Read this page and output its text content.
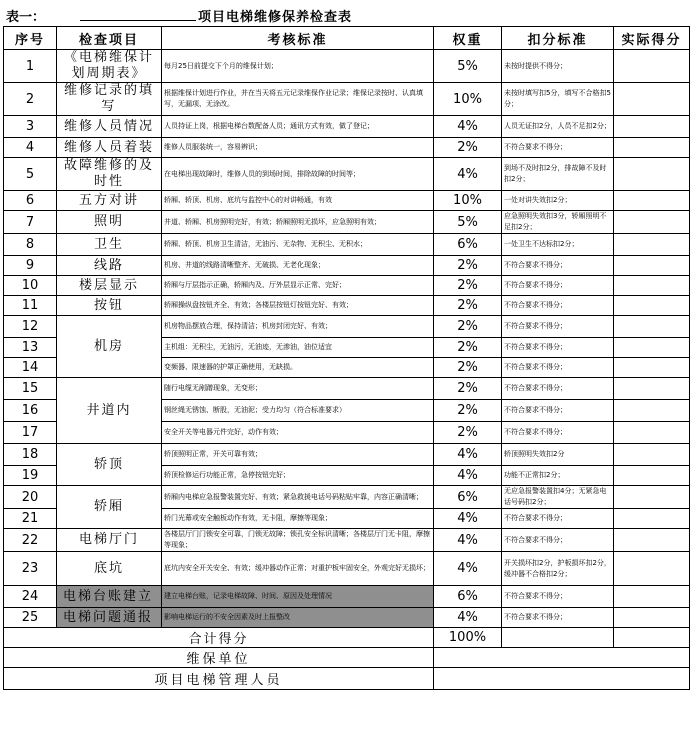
表一：	项目电梯维修保养检查表
序号	检查项目	考核标准	权重	扣分标准	实际得分
1	《电梯维保计划周期表》	每月25日前提交下个月的维保计划；	5%	未按时提供不得分；	
2	维修记录的填写	根据维保计划进行作业，并在当天将五元记录维保作业记录；维保记录按时、认真填写，无漏项、无涂改。	10%	未按时填写扣5分，填写不合格扣5分；	
3	维修人员情况	人员持证上岗，根据电梯台数配备人员；通讯方式有效，做了登记；	4%	人员无证扣2分，人员不足扣2分；	
4	维修人员着装	维修人员服装统一，容易辨识；	2%	不符合要求不得分；	
5	故障维修的及时性	在电梯出现故障时，维修人员的到场时间，排除故障的时间等；	4%	到场不及时扣2分，排故障不及时扣2分；	
6	五方对讲	轿厢、轿顶、机房、底坑与监控中心的对讲畅通，有效	10%	一处对讲失效扣2分；	
7	照明	井道、轿厢、机房照明完好，有效；轿厢照明无损坏，应急照明有效；	5%	应急照明失效扣3分，轿厢照明不足扣2分；	
8	卫生	轿厢、轿顶、机房卫生清洁，无油污、无杂物、无积尘、无积水；	6%	一处卫生不达标扣2分；	
9	线路	机房、井道的线路清晰整齐、无破损、无老化现象；	2%	不符合要求不得分；	
10	楼层显示	轿厢与厅层指示正确，轿厢内及、厅外层显示正常、完好；	2%	不符合要求不得分；	
11	按钮	轿厢操纵盘按钮齐全、有效；各楼层按钮灯按钮完好、有效；	2%	不符合要求不得分；	
12	机房	机房物品摆放合理，保持清洁；机房封闭完好、有效；	2%	不符合要求不得分；	
13		主机组：无积尘，无油污，无油迹，无渗油，油位适宜	2%	不符合要求不得分；	
14		变频器、限速器的护罩正确使用，无缺损。	2%	不符合要求不得分；	
15	井道内	随行电缆无剐蹭现象，无变形；	2%	不符合要求不得分；	
16		钢丝绳无锈蚀、断股，无油泥；受力均匀（符合标准要求）	2%	不符合要求不得分；	
17		安全开关等电器元件完好，动作有效；	2%	不符合要求不得分；	
18	轿顶	轿顶照明正常，开关可靠有效；	4%	轿顶照明失效扣2分	
19		轿顶检修运行功能正常，急停按钮完好；	4%	功能不正常扣2分；	
20	轿厢	轿厢内电梯应急报警装置完好、有效；紧急救援电话号码粘贴牢靠，内容正确清晰；	6%	无应急报警装置扣4分；无紧急电话号码扣2分；	
21		轿门光幕或安全触板动作有效，无卡阻，摩擦等现象；	4%	不符合要求不得分；	
22	电梯厅门	各楼层厅门门锁安全可靠，门锁无故障；锁孔安全标识清晰；各楼层厅门无卡阻，摩擦等现象；	4%	不符合要求不得分；	
23	底坑	底坑内安全开关安全、有效；缓冲器动作正常；对重护板牢固安全，外观完好无损坏；	4%	开关损坏扣2分，护板损坏扣2分，缓冲器不合格扣2分；	
24	电梯台账建立	建立电梯台账，记录电梯故障、时间、原因及处理情况	6%	不符合要求不得分；	
25	电梯问题通报	影响电梯运行的不安全因素及时上报整改	4%	不符合要求不得分；	
合计得分			100%		
维保单位					
项目电梯管理人员					
